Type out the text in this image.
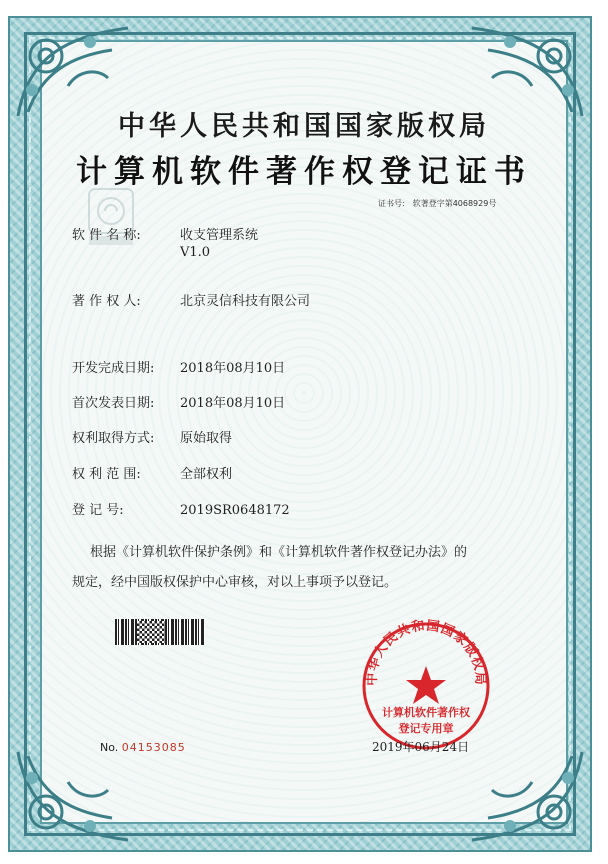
中华人民共和国国家版权局
计算机软件著作权登记证书
证书号: 软著登字第4068929号
软 件 名 称:	收支管理系统
V1.0
著 作 权 人:	北京灵信科技有限公司
开发完成日期: 2018年08月10日
首次发表日期: 2018年08月10日
权利取得方式: 原始取得
权 利 范 围:	全部权利
登 记 号:	2019SR0648172
根据《计算机软件保护条例》和《计算机软件著作权登记办法》的
规定，经中国版权保护中心审核，对以上事项予以登记。
中华人民共和国国家版权局
计算机软件著作权
登记专用章
No. 04153085	2019年06月24日
